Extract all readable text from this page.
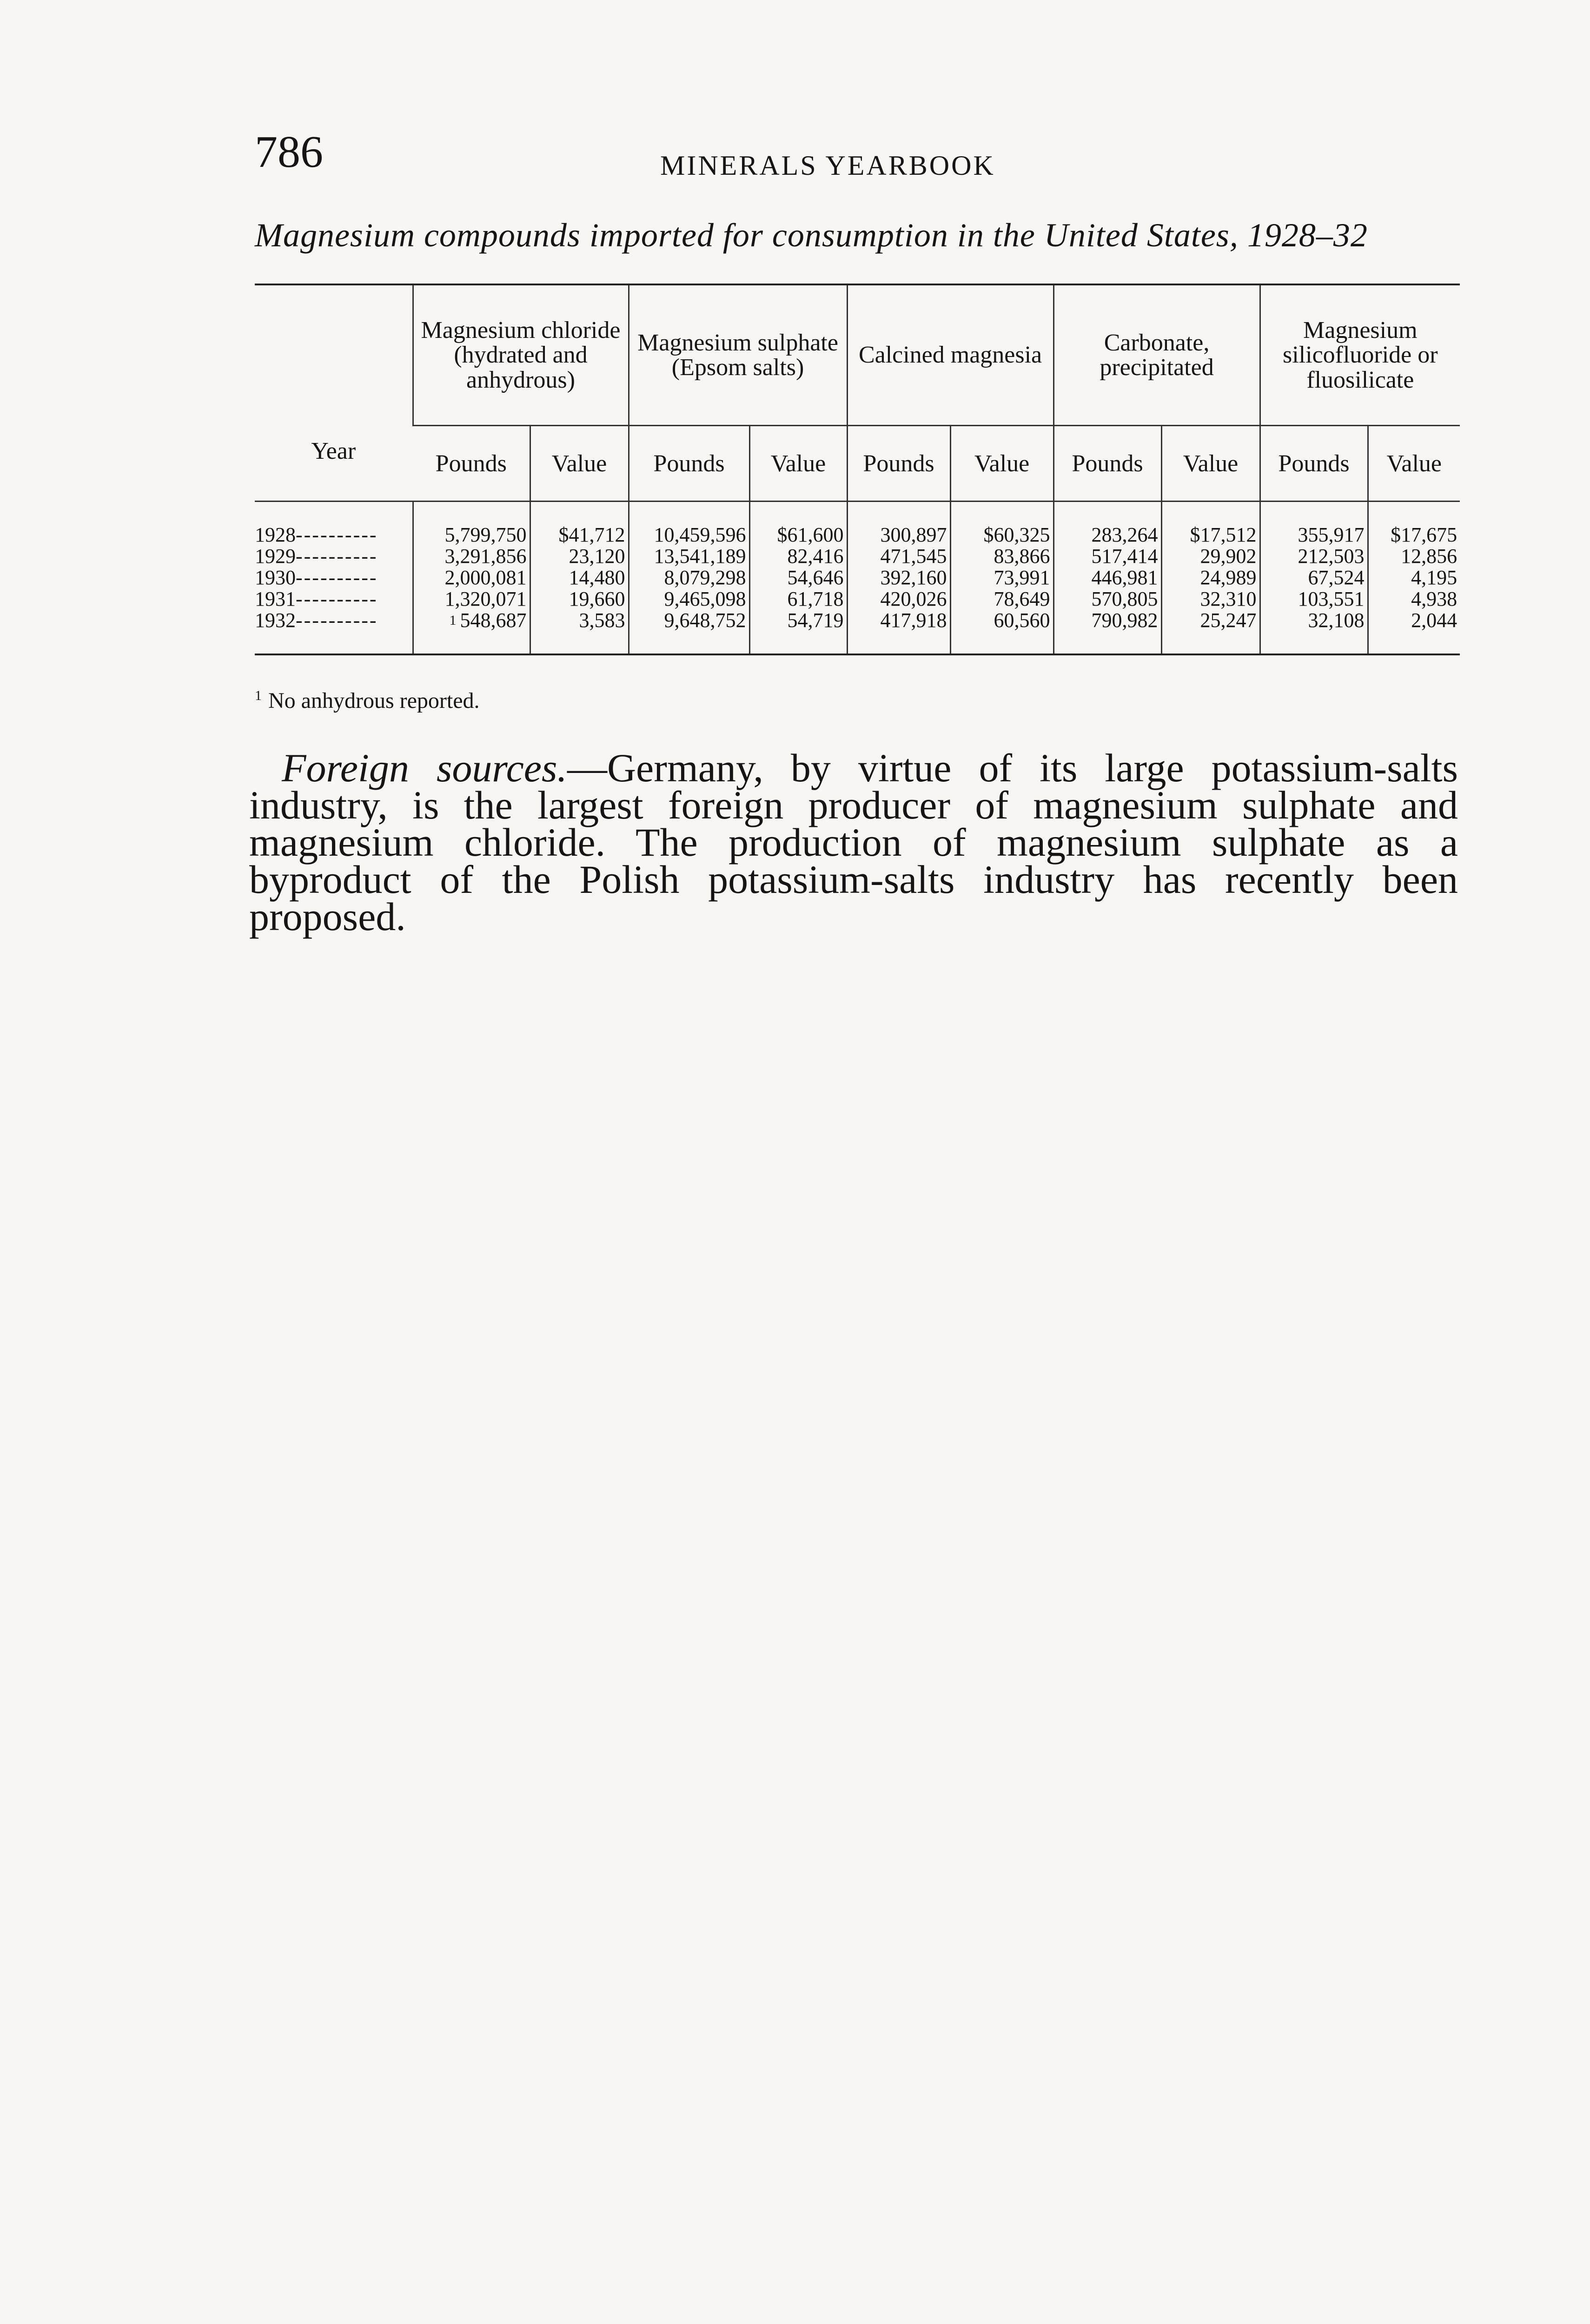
786	MINERALS YEARBOOK
Magnesium compounds imported for consumption in the United States, 1928–32
Year	Magnesium chloride (hydrated and anhydrous)		Magnesium sulphate (Epsom salts)		Calcined magnesia		Carbonate, precipitated		Magnesium silicofluoride or fluosilicate	
	Pounds	Value	Pounds	Value	Pounds	Value	Pounds	Value	Pounds	Value

1928----------	5,799,750	$41,712	10,459,596	$61,600	300,897	$60,325	283,264	$17,512	355,917	$17,675
1929----------	3,291,856	23,120	13,541,189	82,416	471,545	83,866	517,414	29,902	212,503	12,856
1930----------	2,000,081	14,480	8,079,298	54,646	392,160	73,991	446,981	24,989	67,524	4,195
1931----------	1,320,071	19,660	9,465,098	61,718	420,026	78,649	570,805	32,310	103,551	4,938
1932----------	$^1$ 548,687	3,583	9,648,752	54,719	417,918	60,560	790,982	25,247	32,108	2,044

$^1$ No anhydrous reported.
Foreign sources.—Germany, by virtue of its large potassium-salts industry, is the largest foreign producer of magnesium sulphate and magnesium chloride. The production of magnesium sulphate as a byproduct of the Polish potassium-salts industry has recently been proposed.
